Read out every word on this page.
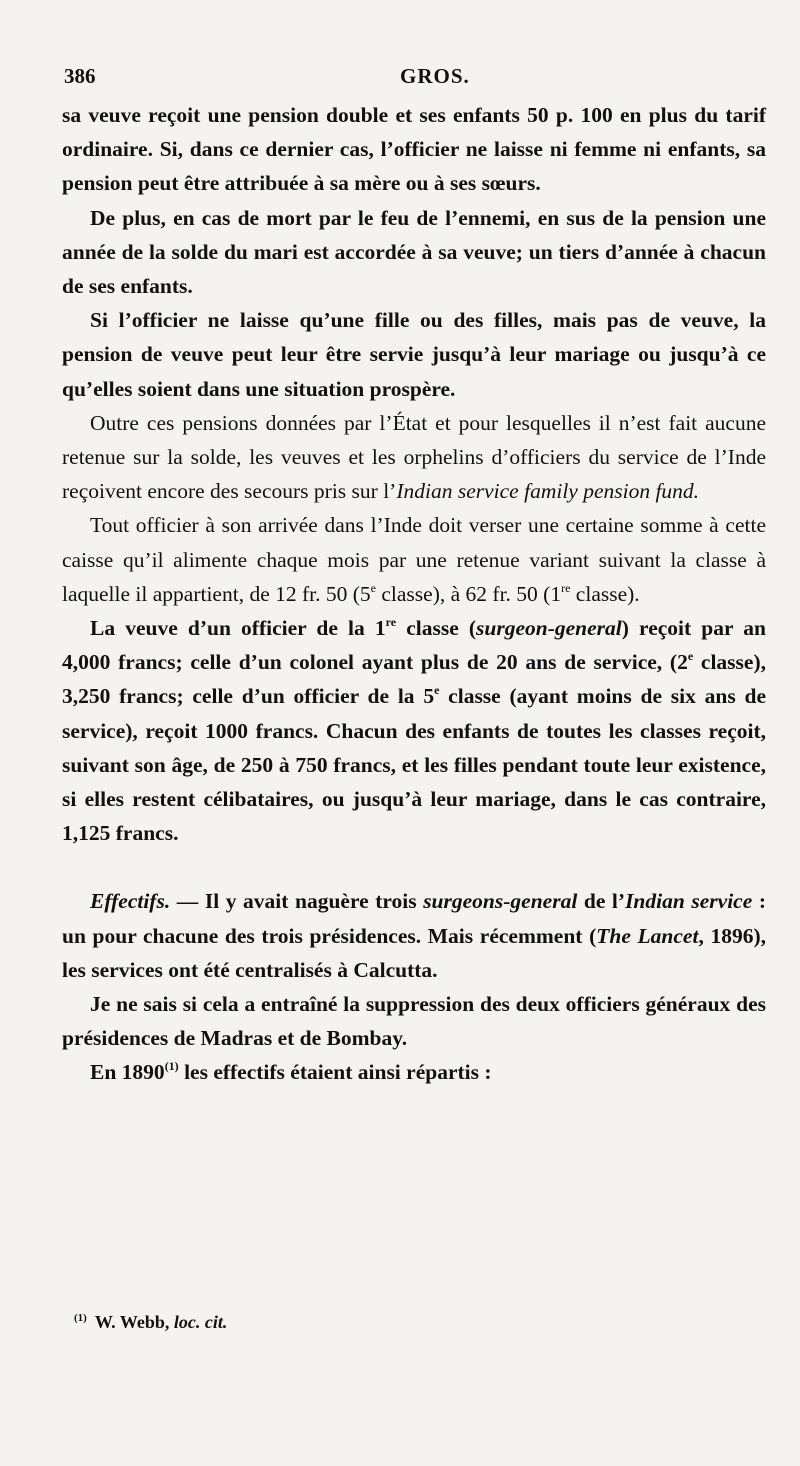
386	GROS.

sa veuve reçoit une pension double et ses enfants 50 p. 100 en plus du tarif ordinaire. Si, dans ce dernier cas, l’officier ne laisse ni femme ni enfants, sa pension peut être attribuée à sa mère ou à ses sœurs.

De plus, en cas de mort par le feu de l’ennemi, en sus de la pension une année de la solde du mari est accordée à sa veuve; un tiers d’année à chacun de ses enfants.

Si l’officier ne laisse qu’une fille ou des filles, mais pas de veuve, la pension de veuve peut leur être servie jusqu’à leur mariage ou jusqu’à ce qu’elles soient dans une situation prospère.

Outre ces pensions données par l’État et pour lesquelles il n’est fait aucune retenue sur la solde, les veuves et les orphelins d’officiers du service de l’Inde reçoivent encore des secours pris sur l’Indian service family pension fund.

Tout officier à son arrivée dans l’Inde doit verser une certaine somme à cette caisse qu’il alimente chaque mois par une retenue variant suivant la classe à laquelle il appartient, de 12 fr. 50 (5e classe), à 62 fr. 50 (1re classe).

La veuve d’un officier de la 1re classe (surgeon-general) reçoit par an 4,000 francs; celle d’un colonel ayant plus de 20 ans de service, (2e classe), 3,250 francs; celle d’un officier de la 5e classe (ayant moins de six ans de service), reçoit 1000 francs. Chacun des enfants de toutes les classes reçoit, suivant son âge, de 250 à 750 francs, et les filles pendant toute leur existence, si elles restent célibataires, ou jusqu’à leur mariage, dans le cas contraire, 1,125 francs.

Effectifs. — Il y avait naguère trois surgeons-general de l’Indian service : un pour chacune des trois présidences. Mais récemment (The Lancet, 1896), les services ont été centralisés à Calcutta.

Je ne sais si cela a entraîné la suppression des deux officiers généraux des présidences de Madras et de Bombay.

En 1890$^{(1)}$ les effectifs étaient ainsi répartis :

$^{(1)}$ W. Webb, loc. cit.
